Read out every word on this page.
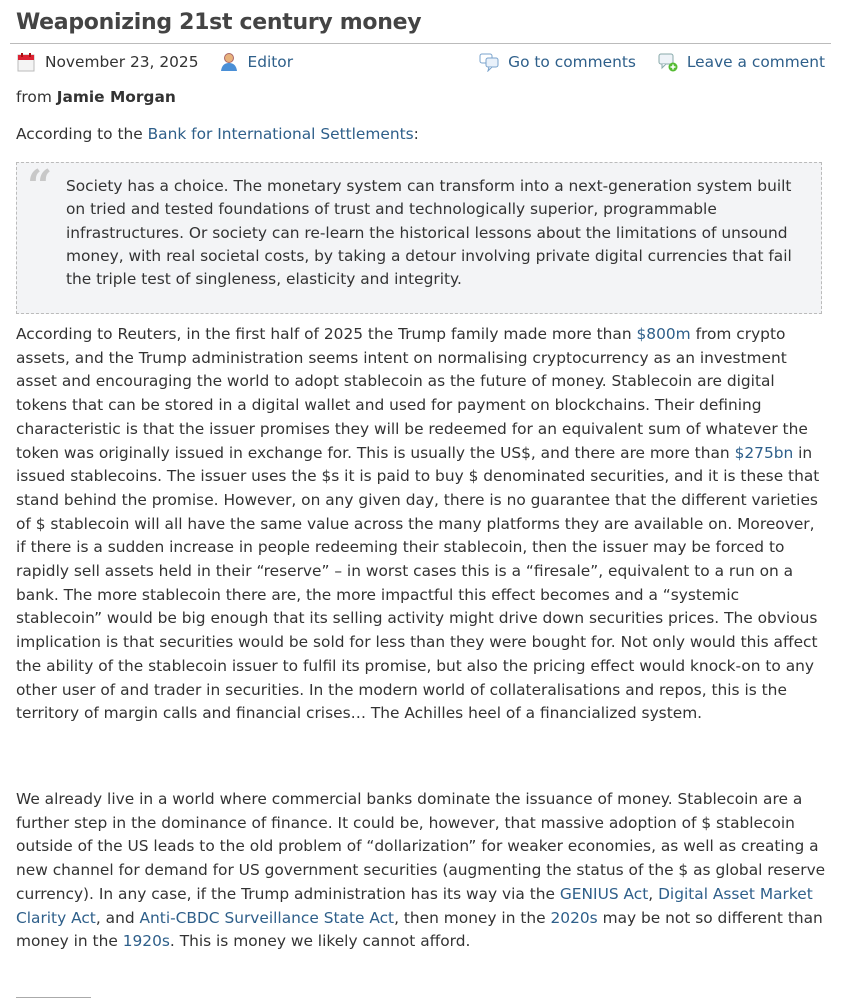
Weaponizing 21st century money
November 23, 2025	Editor	Go to comments	Leave a comment
from Jamie Morgan
According to the Bank for International Settlements:
“ Society has a choice. The monetary system can transform into a next-generation system built on tried and tested foundations of trust and technologically superior, programmable infrastructures. Or society can re-learn the historical lessons about the limitations of unsound money, with real societal costs, by taking a detour involving private digital currencies that fail the triple test of singleness, elasticity and integrity.

According to Reuters, in the first half of 2025 the Trump family made more than $800m from crypto assets, and the Trump administration seems intent on normalising cryptocurrency as an investment asset and encouraging the world to adopt stablecoin as the future of money. Stablecoin are digital tokens that can be stored in a digital wallet and used for payment on blockchains. Their defining characteristic is that the issuer promises they will be redeemed for an equivalent sum of whatever the token was originally issued in exchange for. This is usually the US$, and there are more than $275bn in issued stablecoins. The issuer uses the $s it is paid to buy $ denominated securities, and it is these that stand behind the promise. However, on any given day, there is no guarantee that the different varieties of $ stablecoin will all have the same value across the many platforms they are available on. Moreover, if there is a sudden increase in people redeeming their stablecoin, then the issuer may be forced to rapidly sell assets held in their “reserve” – in worst cases this is a “firesale”, equivalent to a run on a bank. The more stablecoin there are, the more impactful this effect becomes and a “systemic stablecoin” would be big enough that its selling activity might drive down securities prices. The obvious implication is that securities would be sold for less than they were bought for. Not only would this affect the ability of the stablecoin issuer to fulfil its promise, but also the pricing effect would knock-on to any other user of and trader in securities. In the modern world of collateralisations and repos, this is the territory of margin calls and financial crises… The Achilles heel of a financialized system.

We already live in a world where commercial banks dominate the issuance of money. Stablecoin are a further step in the dominance of finance. It could be, however, that massive adoption of $ stablecoin outside of the US leads to the old problem of “dollarization” for weaker economies, as well as creating a new channel for demand for US government securities (augmenting the status of the $ as global reserve currency). In any case, if the Trump administration has its way via the GENIUS Act, Digital Asset Market Clarity Act, and Anti-CBDC Surveillance State Act, then money in the 2020s may be not so different than money in the 1920s. This is money we likely cannot afford.
